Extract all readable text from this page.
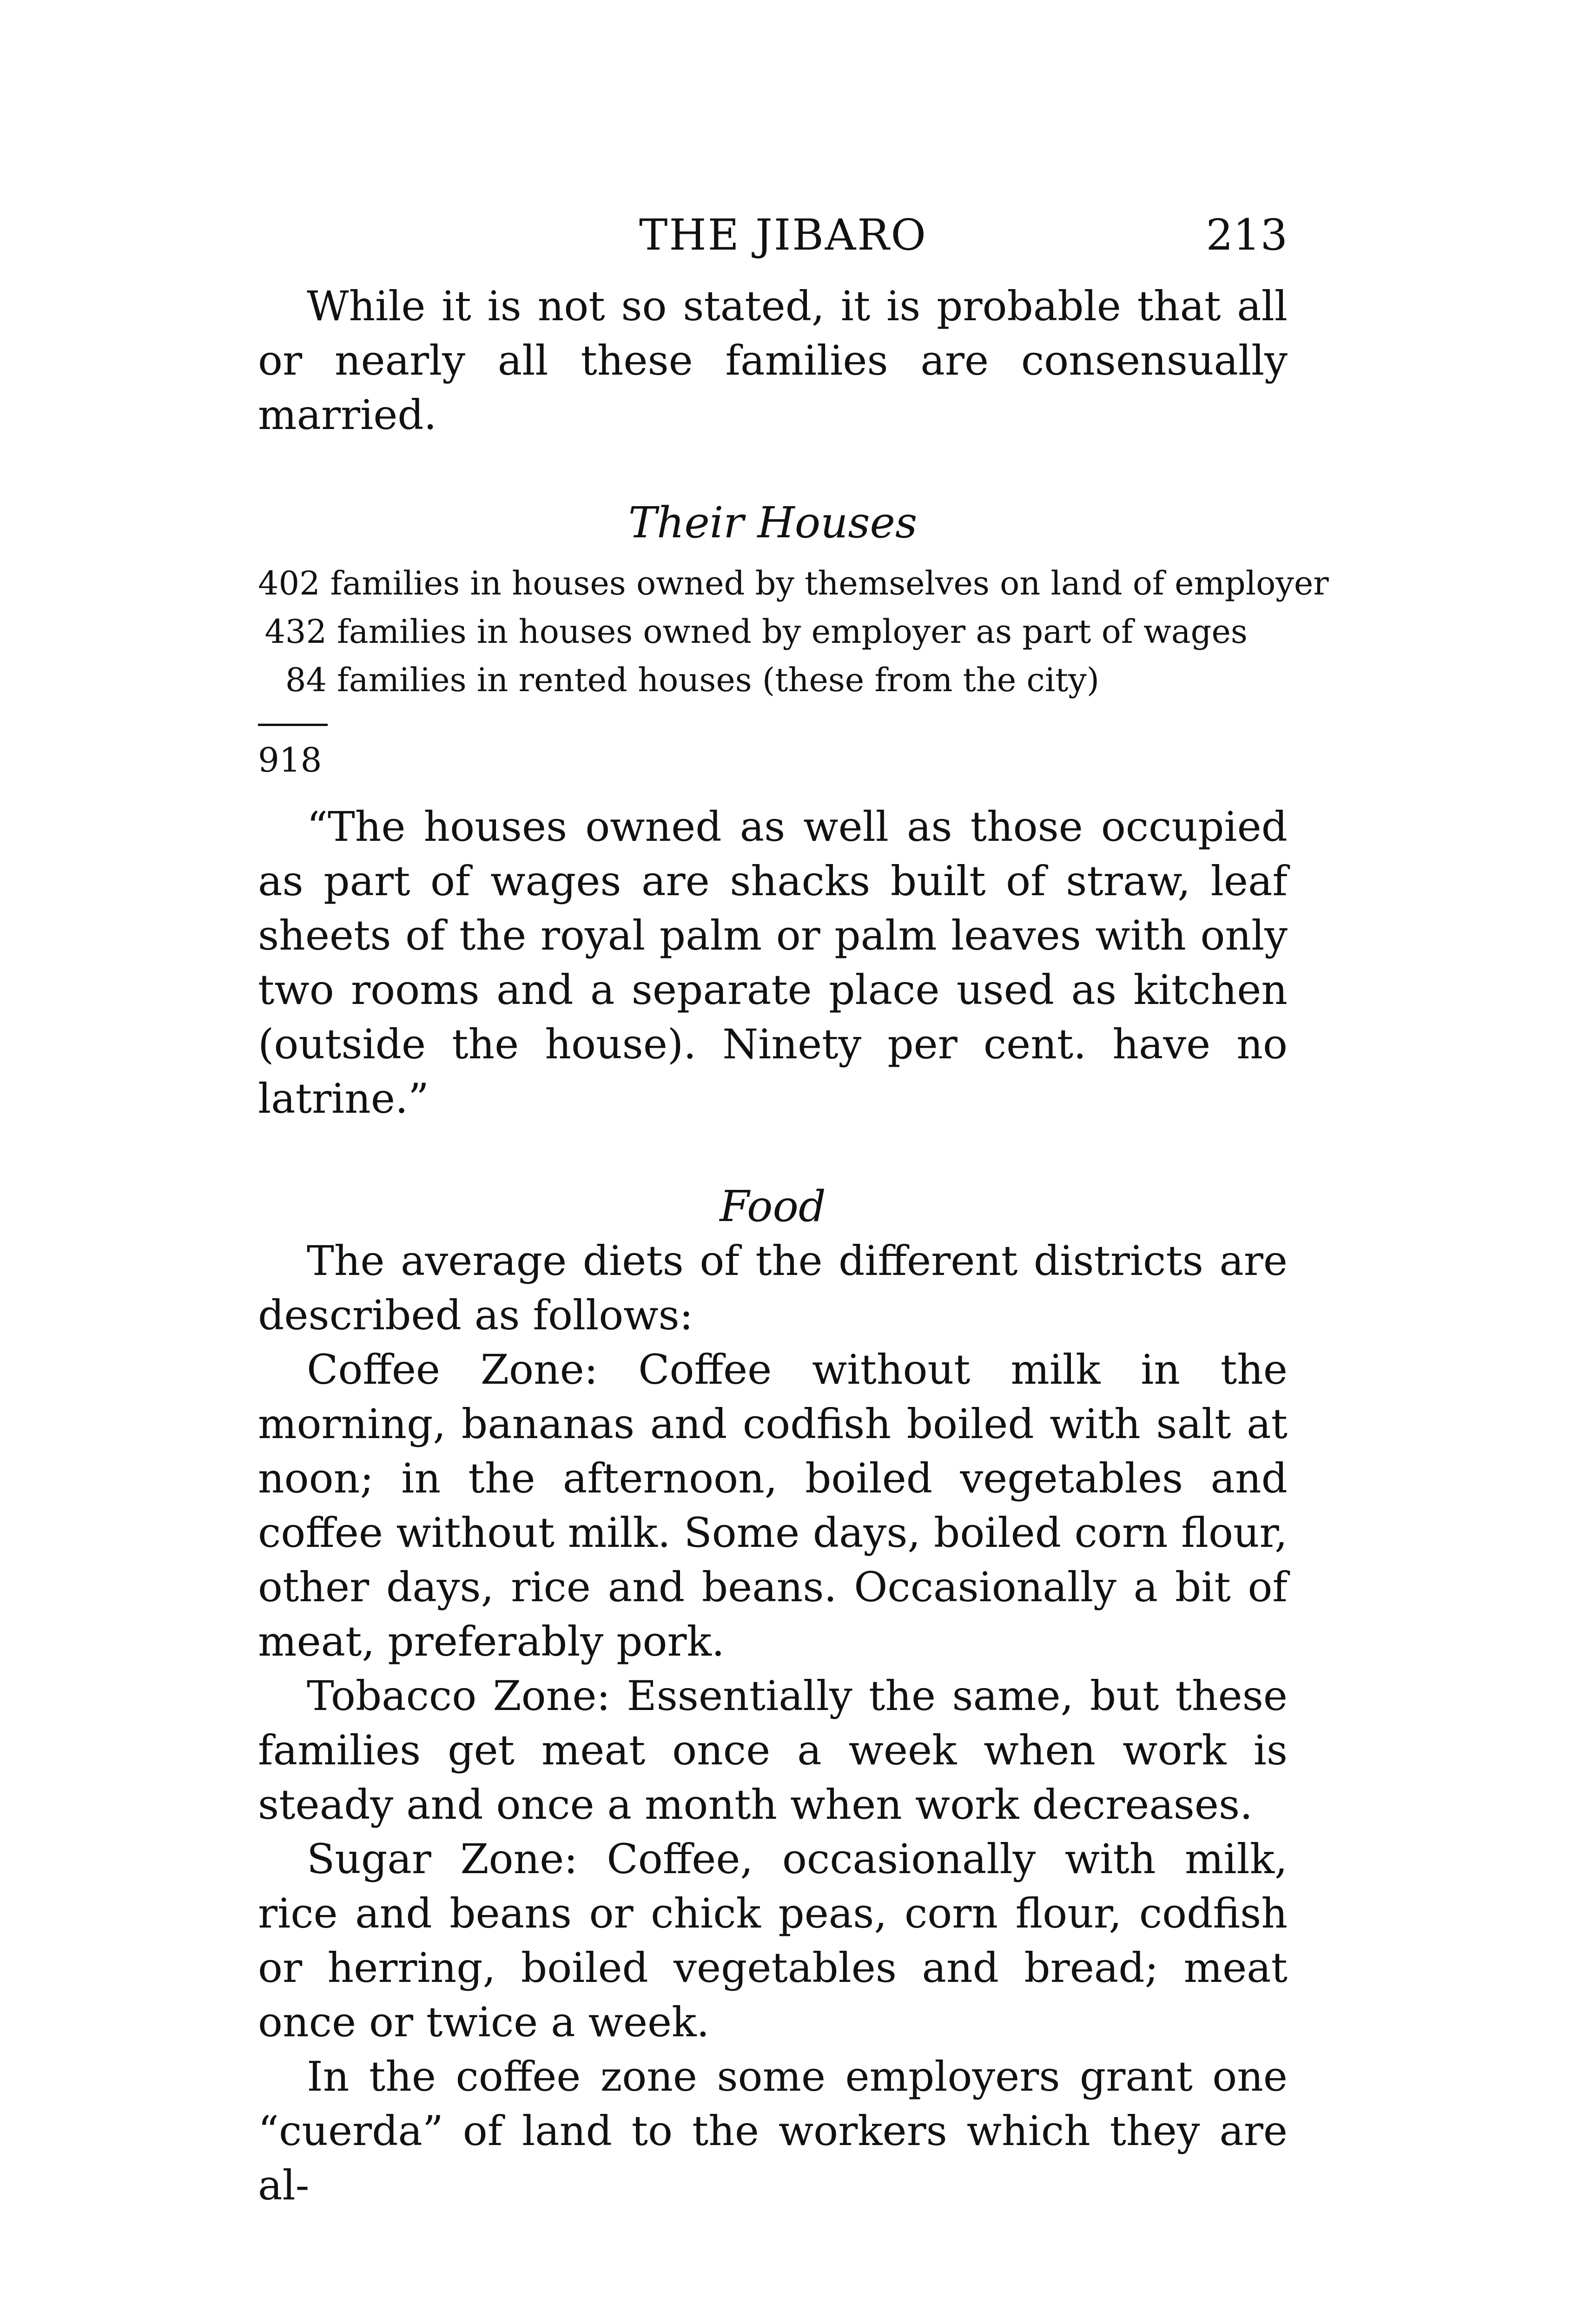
THE JIBARO	213

While it is not so stated, it is probable that all or nearly all these families are consensually married.

Their Houses
402 families in houses owned by themselves on land of employer
432 families in houses owned by employer as part of wages
84 families in rented houses (these from the city)
918

“The houses owned as well as those occupied as part of wages are shacks built of straw, leaf sheets of the royal palm or palm leaves with only two rooms and a separate place used as kitchen (outside the house). Ninety per cent. have no latrine.”

Food

The average diets of the different districts are described as follows:

Coffee Zone: Coffee without milk in the morning, bananas and codfish boiled with salt at noon; in the afternoon, boiled vegetables and coffee without milk. Some days, boiled corn flour, other days, rice and beans. Occasionally a bit of meat, preferably pork.

Tobacco Zone: Essentially the same, but these families get meat once a week when work is steady and once a month when work decreases.

Sugar Zone: Coffee, occasionally with milk, rice and beans or chick peas, corn flour, codfish or herring, boiled vegetables and bread; meat once or twice a week.

In the coffee zone some employers grant one “cuerda” of land to the workers which they are al-
